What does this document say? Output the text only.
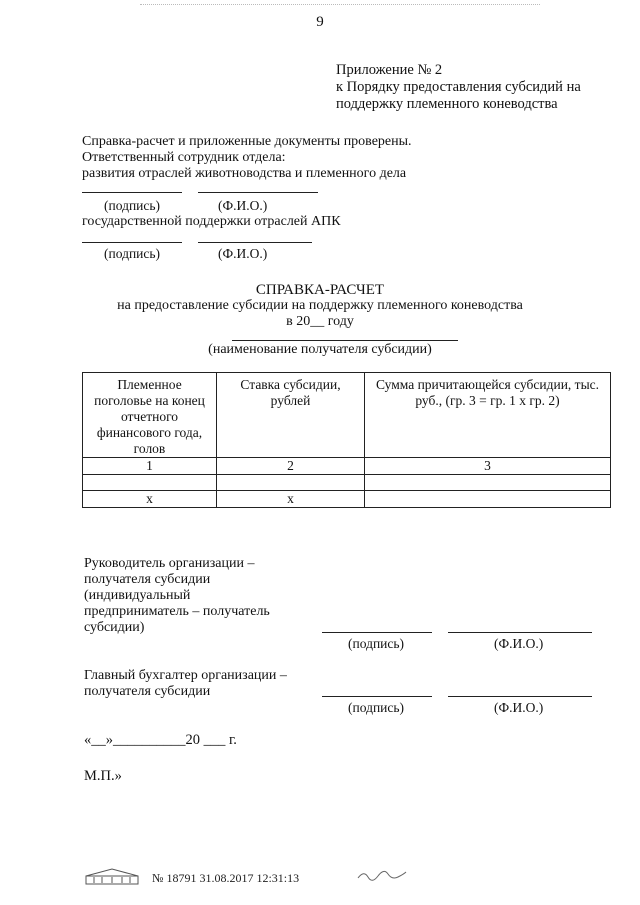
9
Приложение № 2
к Порядку предоставления субсидий на
поддержку племенного коневодства
Справка-расчет и приложенные документы проверены.
Ответственный сотрудник отдела:
развития отраслей животноводства и племенного дела
(подпись)	(Ф.И.О.)
государственной поддержки отраслей АПК
(подпись)	(Ф.И.О.)
СПРАВКА-РАСЧЕТ
на предоставление субсидии на поддержку племенного коневодства
в 20__ году
(наименование получателя субсидии)
Племенное поголовье на конец отчетного финансового года, голов	Ставка субсидии, рублей	Сумма причитающейся субсидии, тыс. руб., (гр. 3 = гр. 1 х гр. 2)
1	2	3

х	х	
Руководитель организации –
получателя субсидии
(индивидуальный
предприниматель – получатель
субсидии)
(подпись)	(Ф.И.О.)
Главный бухгалтер организации –
получателя субсидии
(подпись)	(Ф.И.О.)
«__»__________20 ___ г.
М.П.»
№ 18791 31.08.2017 12:31:13
